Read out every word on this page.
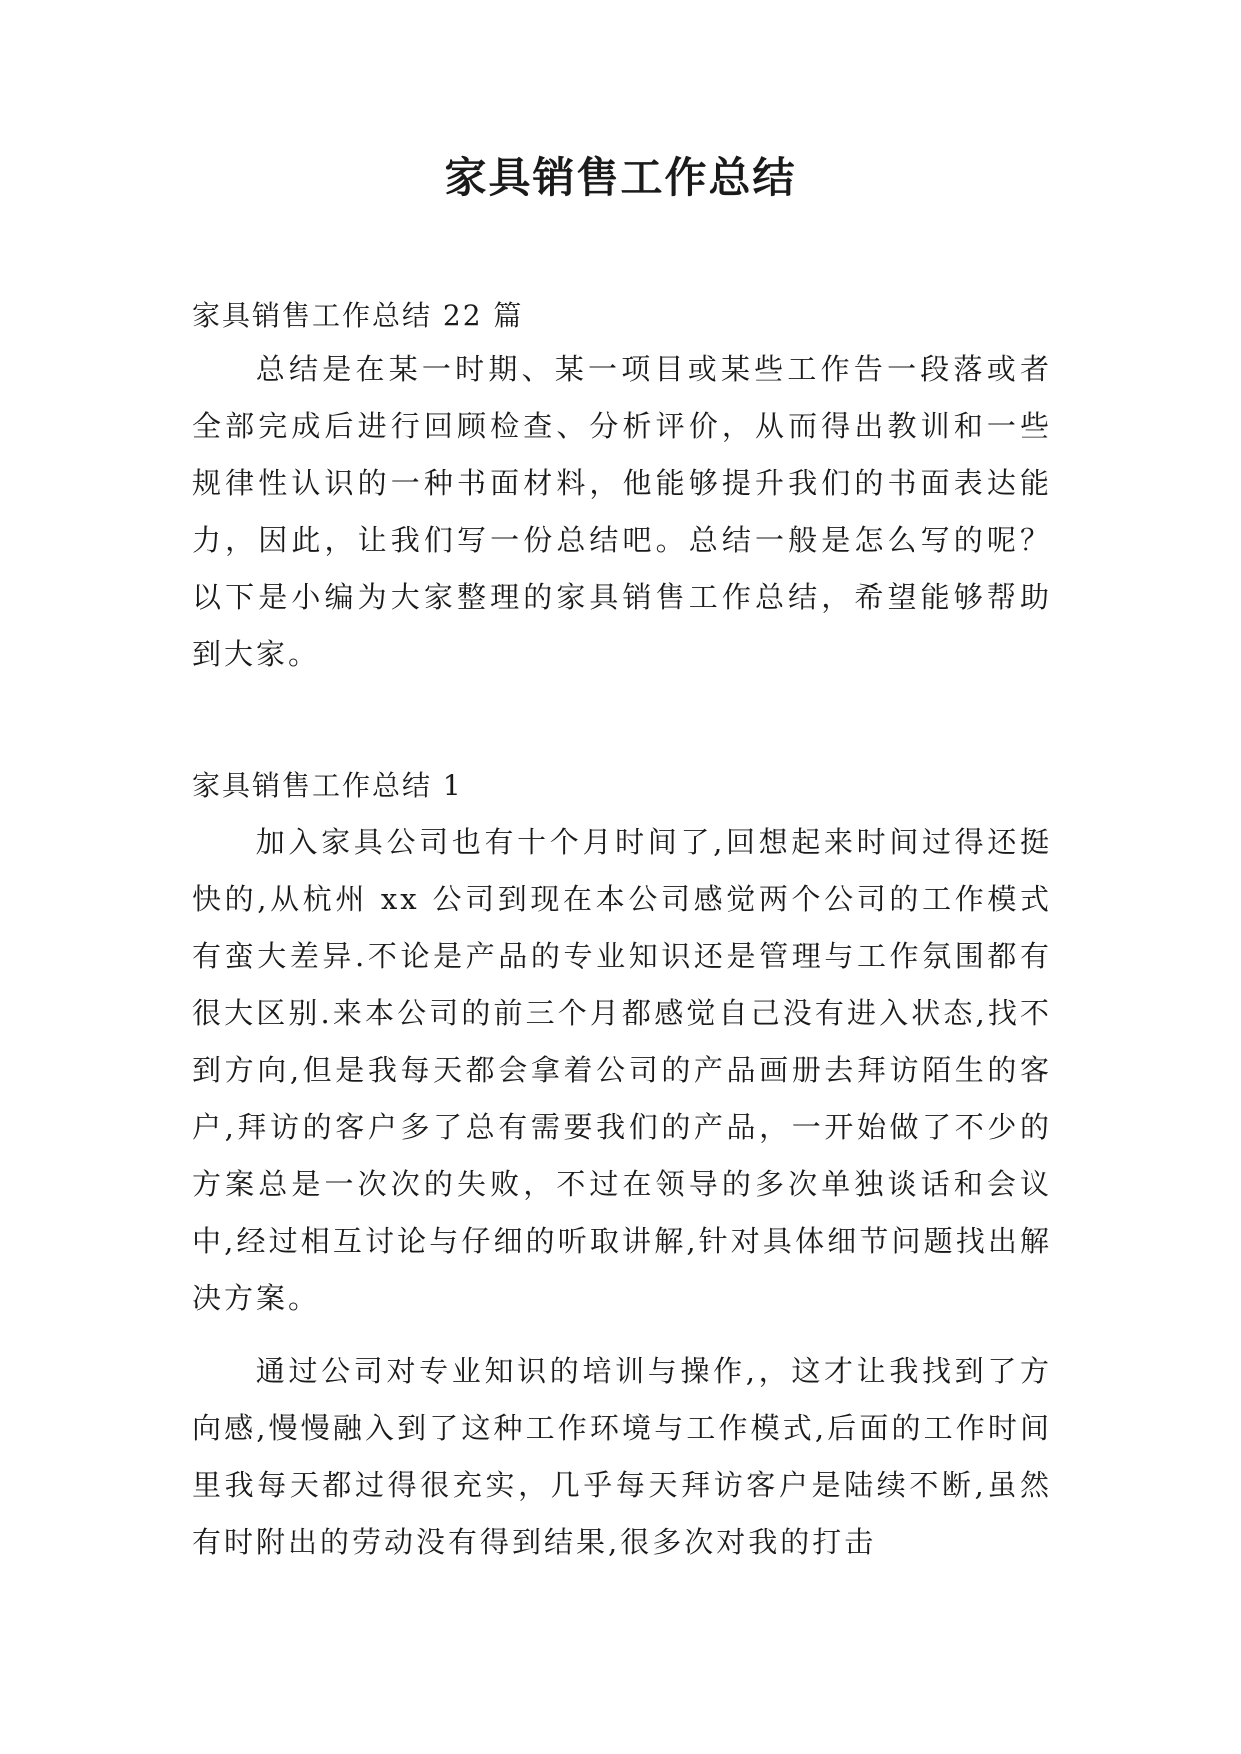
家具销售工作总结

家具销售工作总结 22 篇

总结是在某一时期、某一项目或某些工作告一段落或者全部完成后进行回顾检查、分析评价，从而得出教训和一些规律性认识的一种书面材料，他能够提升我们的书面表达能力，因此，让我们写一份总结吧。总结一般是怎么写的呢？以下是小编为大家整理的家具销售工作总结，希望能够帮助到大家。

家具销售工作总结 1

加入家具公司也有十个月时间了,回想起来时间过得还挺快的,从杭州 xx 公司到现在本公司感觉两个公司的工作模式有蛮大差异.不论是产品的专业知识还是管理与工作氛围都有很大区别.来本公司的前三个月都感觉自己没有进入状态,找不到方向,但是我每天都会拿着公司的产品画册去拜访陌生的客户,拜访的客户多了总有需要我们的产品，一开始做了不少的方案总是一次次的失败，不过在领导的多次单独谈话和会议中,经过相互讨论与仔细的听取讲解,针对具体细节问题找出解决方案。

通过公司对专业知识的培训与操作,，这才让我找到了方向感,慢慢融入到了这种工作环境与工作模式,后面的工作时间里我每天都过得很充实，几乎每天拜访客户是陆续不断,虽然有时附出的劳动没有得到结果,很多次对我的打击
